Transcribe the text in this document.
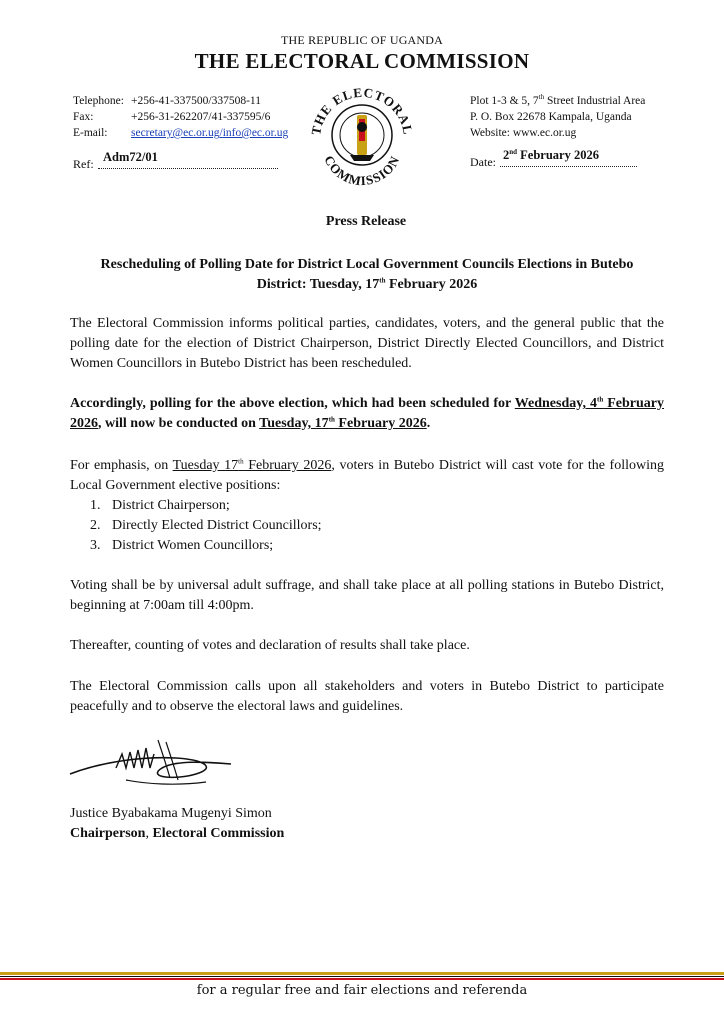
THE REPUBLIC OF UGANDA
THE ELECTORAL COMMISSION
Telephone: +256-41-337500/337508-11
Fax:	+256-31-262207/41-337595/6
E-mail:	secretary@ec.or.ug/info@ec.or.ug THE ELECTORAL
COMMISSION
Plot 1-3 & 5, 7th Street Industrial Area
P. O. Box 22678 Kampala, Uganda
Website: www.ec.or.ug
Ref: Adm72/01	Date: 2nd February 2026
Press Release
Rescheduling of Polling Date for District Local Government Councils Elections in Butebo
District: Tuesday, 17th February 2026
The Electoral Commission informs political parties, candidates, voters, and the general public that the polling date for the election of District Chairperson, District Directly Elected Councillors, and District Women Councillors in Butebo District has been rescheduled.
Accordingly, polling for the above election, which had been scheduled for Wednesday, 4th February 2026, will now be conducted on Tuesday, 17th February 2026.
For emphasis, on Tuesday 17th February 2026, voters in Butebo District will cast vote for the following Local Government elective positions:
1. District Chairperson;
2. Directly Elected District Councillors;
3. District Women Councillors;
Voting shall be by universal adult suffrage, and shall take place at all polling stations in Butebo District, beginning at 7:00am till 4:00pm.
Thereafter, counting of votes and declaration of results shall take place.
The Electoral Commission calls upon all stakeholders and voters in Butebo District to participate peacefully and to observe the electoral laws and guidelines.
Justice Byabakama Mugenyi Simon
Chairperson, Electoral Commission
for a regular free and fair elections and referenda
